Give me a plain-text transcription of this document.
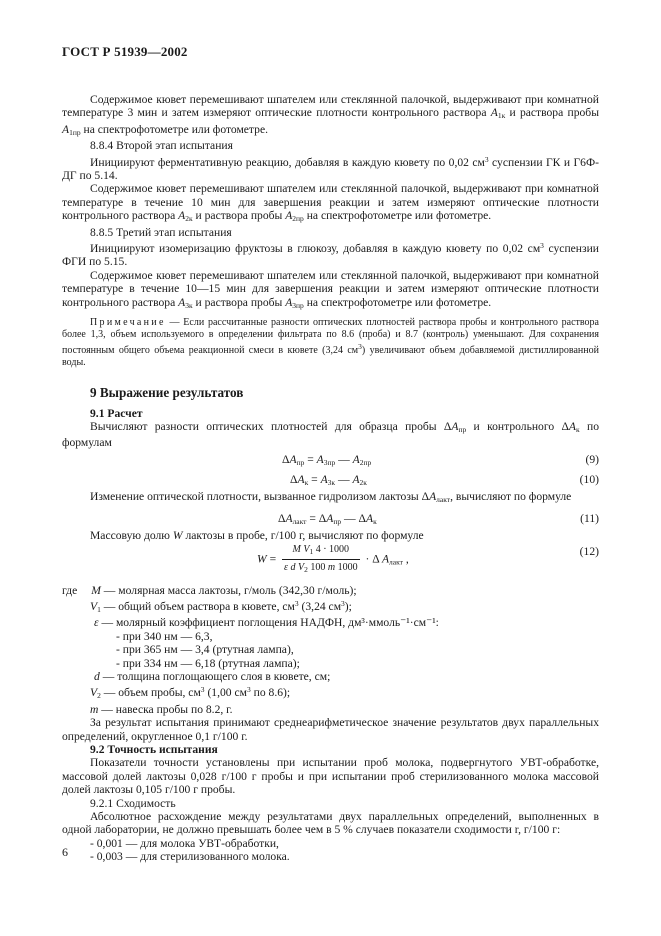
ГОСТ Р 51939—2002

Содержимое кювет перемешивают шпателем или стеклянной палочкой, выдерживают при комнатной температуре 3 мин и затем измеряют оптические плотности контрольного раствора $A_{1к}$ и раствора пробы $A_{1пр}$ на спектрофотометре или фотометре.

8.8.4 Второй этап испытания

Инициируют ферментативную реакцию, добавляя в каждую кювету по 0,02 $см^3$ суспензии ГК и Г6Ф-ДГ по 5.14.

Содержимое кювет перемешивают шпателем или стеклянной палочкой, выдерживают при комнатной температуре в течение 10 мин для завершения реакции и затем измеряют оптические плотности контрольного раствора $A_{2к}$ и раствора пробы $A_{2пр}$ на спектрофотометре или фотометре.

8.8.5 Третий этап испытания

Инициируют изомеризацию фруктозы в глюкозу, добавляя в каждую кювету по 0,02 $см^3$ суспензии ФГИ по 5.15.

Содержимое кювет перемешивают шпателем или стеклянной палочкой, выдерживают при комнатной температуре в течение 10—15 мин для завершения реакции и затем измеряют оптические плотности контрольного раствора $A_{3к}$ и раствора пробы $A_{3пр}$ на спектрофотометре или фотометре.

Примечание — Если рассчитанные разности оптических плотностей раствора пробы и контрольного раствора более 1,3, объем используемого в определении фильтрата по 8.6 (проба) и 8.7 (контроль) уменьшают. Для сохранения постоянным общего объема реакционной смеси в кювете (3,24 $см^3$) увеличивают объем добавляемой дистиллированной воды.

9 Выражение результатов
9.1 Расчет

Вычисляют разности оптических плотностей для образца пробы $\Delta A_{пр}$ и контрольного $\Delta A_к$ по формулам

$\Delta A_{пр} = A_{3пр}$ — $A_{2пр}$	(9)
$\Delta A_к = A_{3к}$ — $A_{2к}$	(10)

Изменение оптической плотности, вызванное гидролизом лактозы $\Delta A_{лакт}$, вычисляют по формуле

$\Delta A_{лакт} = \Delta A_{пр}$ — $\Delta A_к$	(11)

Массовую долю W лактозы в пробе, г/100 г, вычисляют по формуле

$W = \frac{M V_1 4 \cdot 1000}{\varepsilon d V_2 100 m 1000} \cdot \Delta$ $A_{лакт}$ ,
(12)
где M — молярная масса лактозы, г/моль (342,30 г/моль);
$V_1$ — общий объем раствора в кювете, $см^3$ (3,24 $см^3$);
ε — молярный коэффициент поглощения НАДФН, дм³·ммоль⁻¹·см⁻¹:
- при 340 нм — 6,3,
- при 365 нм — 3,4 (ртутная лампа),
- при 334 нм — 6,18 (ртутная лампа);
d — толщина поглощающего слоя в кювете, см;
$V_2$ — объем пробы, $см^3$ (1,00 $см^3$ по 8.6);
m — навеска пробы по 8.2, г.

За результат испытания принимают среднеарифметическое значение результатов двух параллельных определений, округленное 0,1 г/100 г.

9.2 Точность испытания

Показатели точности установлены при испытании проб молока, подвергнутого УВТ-обработке, массовой долей лактозы 0,028 г/100 г пробы и при испытании проб стерилизованного молока массовой долей лактозы 0,105 г/100 г пробы.

9.2.1 Сходимость

Абсолютное расхождение между результатами двух параллельных определений, выполненных в одной лаборатории, не должно превышать более чем в 5 % случаев показатели сходимости r, г/100 г:

- 0,001 — для молока УВТ-обработки,

- 0,003 — для стерилизованного молока.

6
